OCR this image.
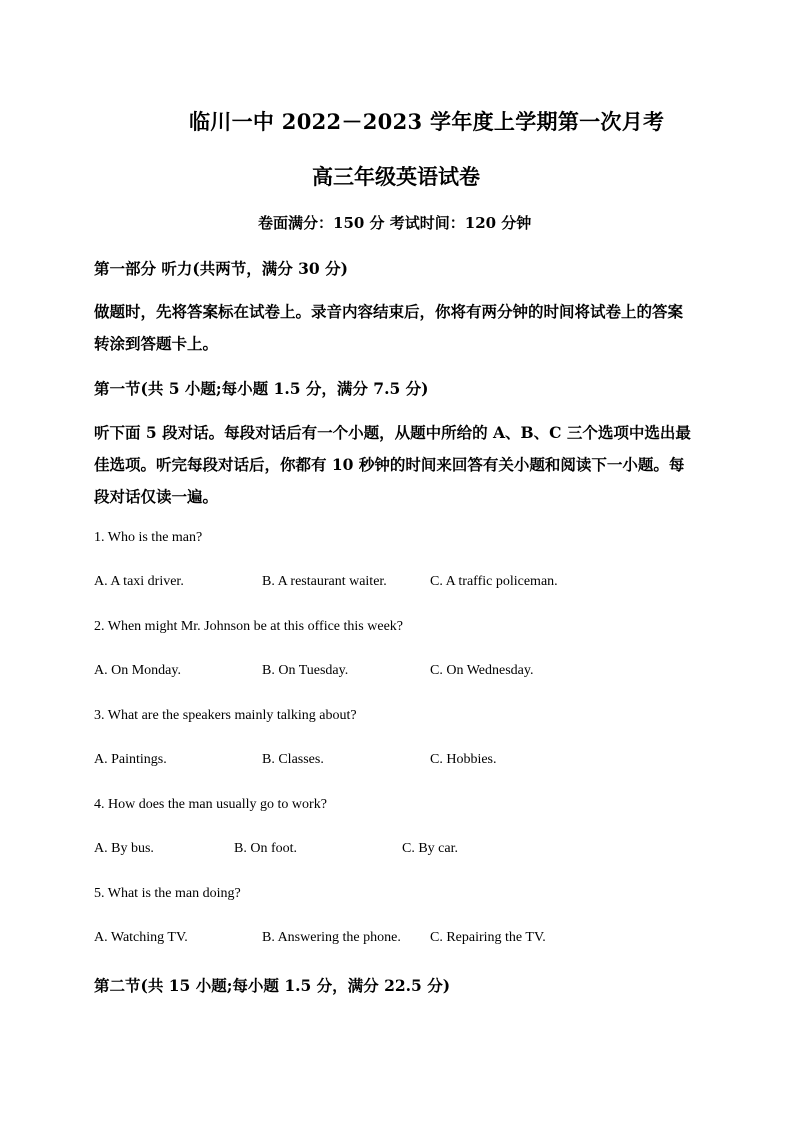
临川一中 2022－2023 学年度上学期第一次月考
高三年级英语试卷
卷面满分：150 分 考试时间：120 分钟
第一部分 听力(共两节，满分 30 分)
做题时，先将答案标在试卷上。录音内容结束后，你将有两分钟的时间将试卷上的答案
转涂到答题卡上。
第一节(共 5 小题;每小题 1.5 分，满分 7.5 分)
听下面 5 段对话。每段对话后有一个小题，从题中所给的 A、B、C 三个选项中选出最
佳选项。听完每段对话后，你都有 10 秒钟的时间来回答有关小题和阅读下一小题。每
段对话仅读一遍。
1. Who is the man?
A. A taxi driver.	B. A restaurant waiter.	C. A traffic policeman.
2. When might Mr. Johnson be at this office this week?
A. On Monday.	B. On Tuesday.	C. On Wednesday.
3. What are the speakers mainly talking about?
A. Paintings.	B. Classes.	C. Hobbies.
4. How does the man usually go to work?
A. By bus.	B. On foot.	C. By car.
5. What is the man doing?
A. Watching TV.	B. Answering the phone. C. Repairing the TV.
第二节(共 15 小题;每小题 1.5 分，满分 22.5 分)
